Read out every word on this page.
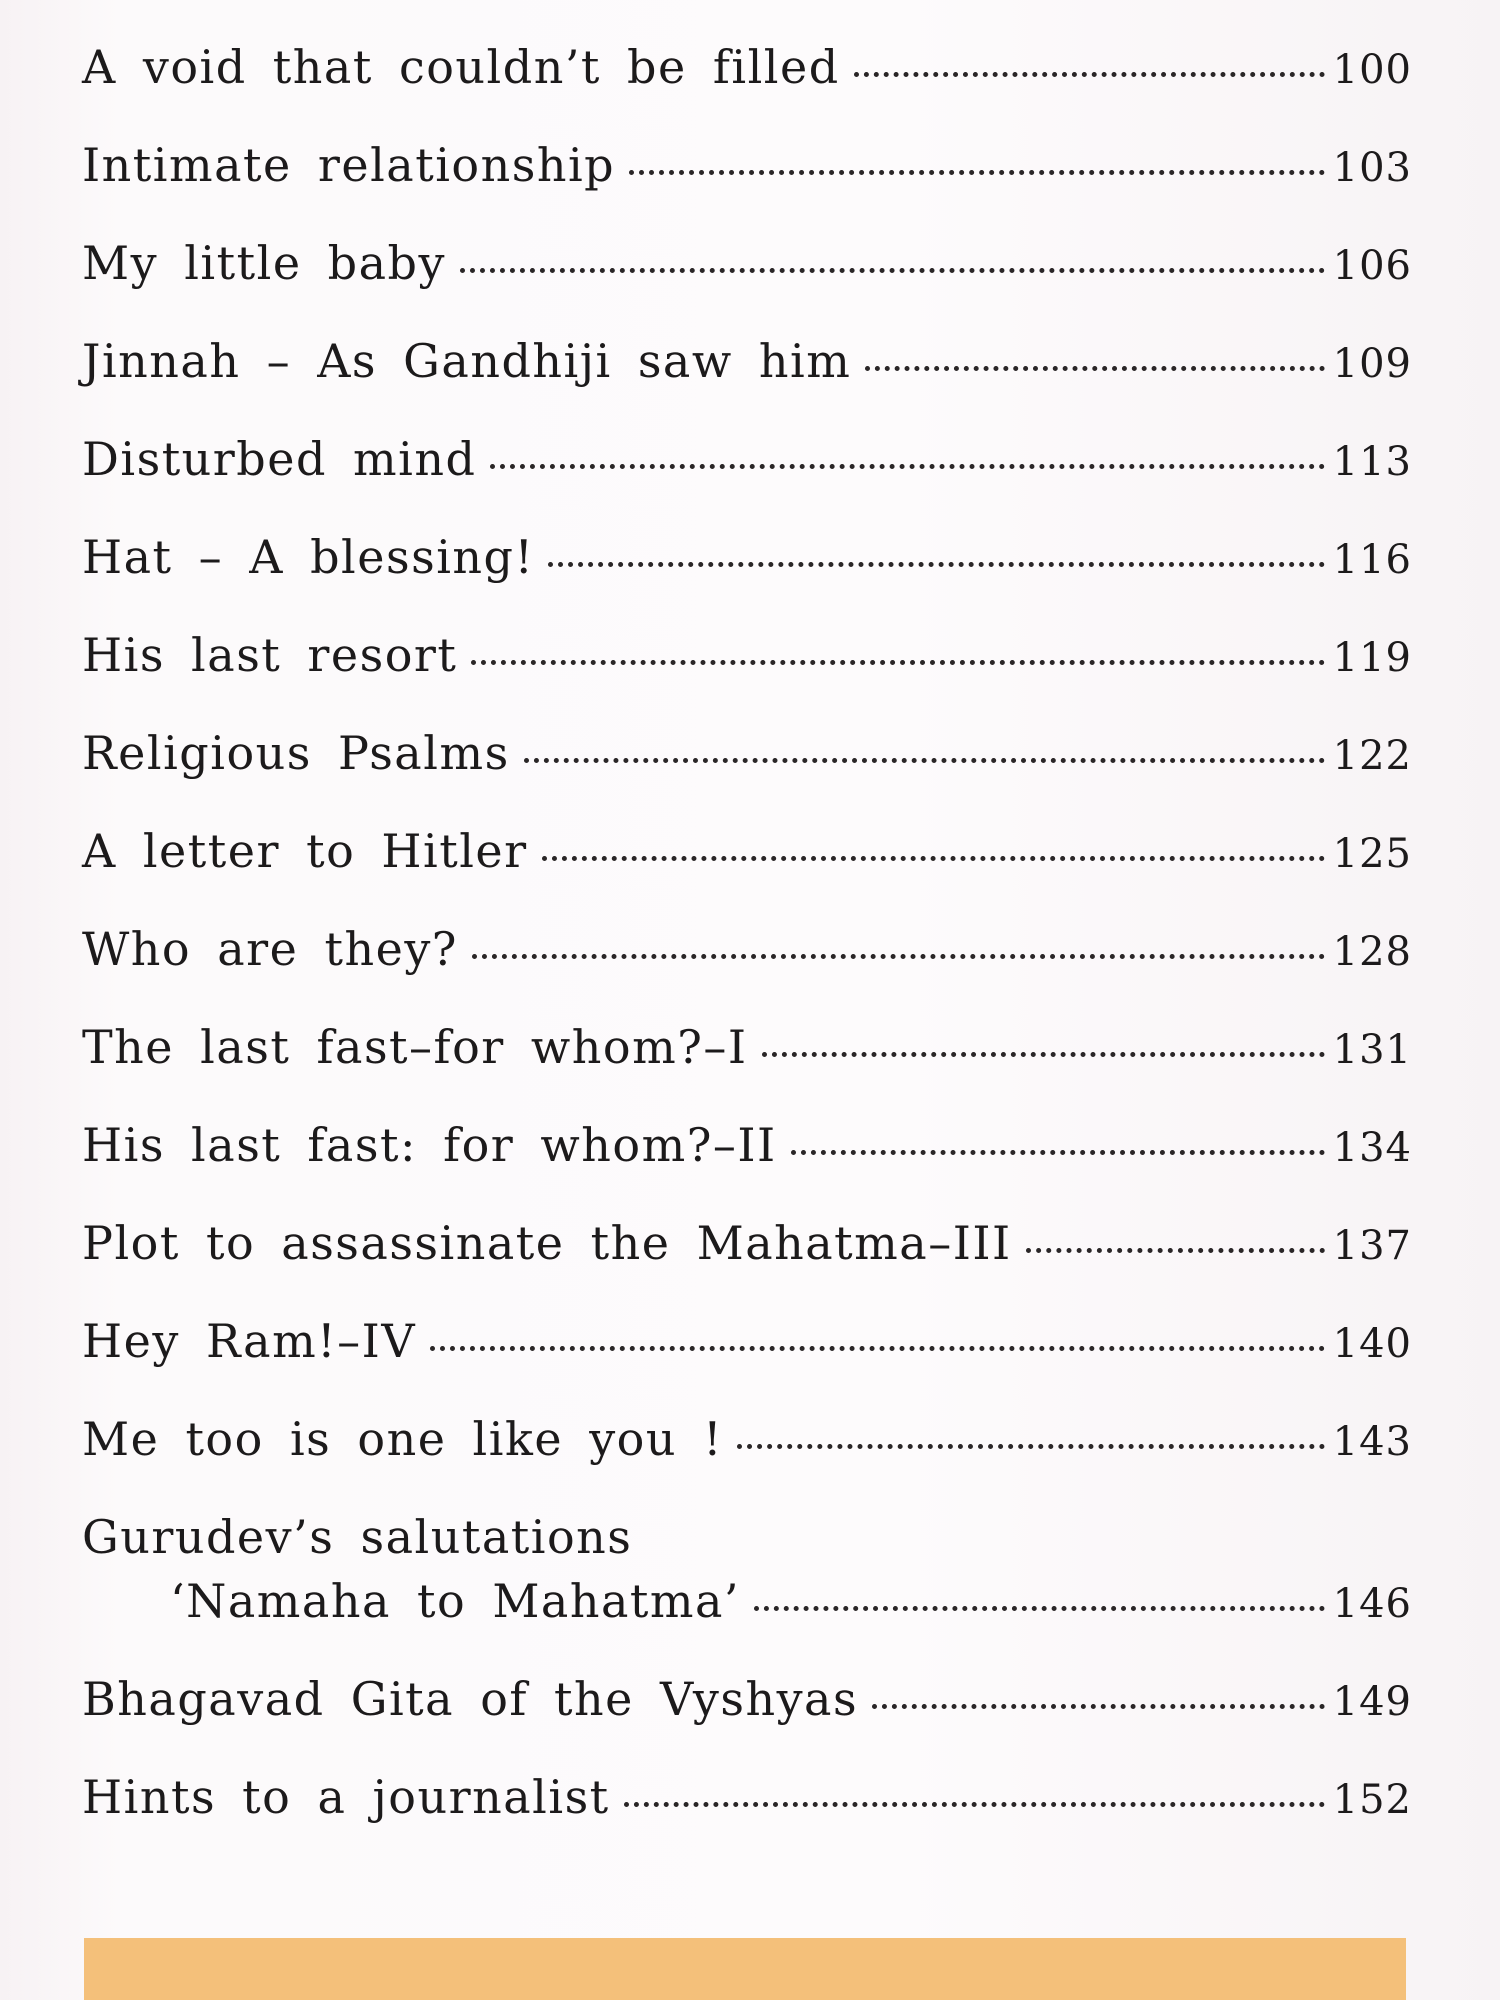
A void that couldn’t be filled	100
Intimate relationship	103
My little baby	106
Jinnah – As Gandhiji saw him	109
Disturbed mind	113
Hat – A blessing!	116
His last resort	119
Religious Psalms	122
A letter to Hitler	125
Who are they?	128
The last fast–for whom?–I	131
His last fast: for whom?–II	134
Plot to assassinate the Mahatma–III	137
Hey Ram!–IV	140
Me too is one like you !	143
Gurudev’s salutations
‘Namaha to Mahatma’	146
Bhagavad Gita of the Vyshyas	149
Hints to a journalist	152
